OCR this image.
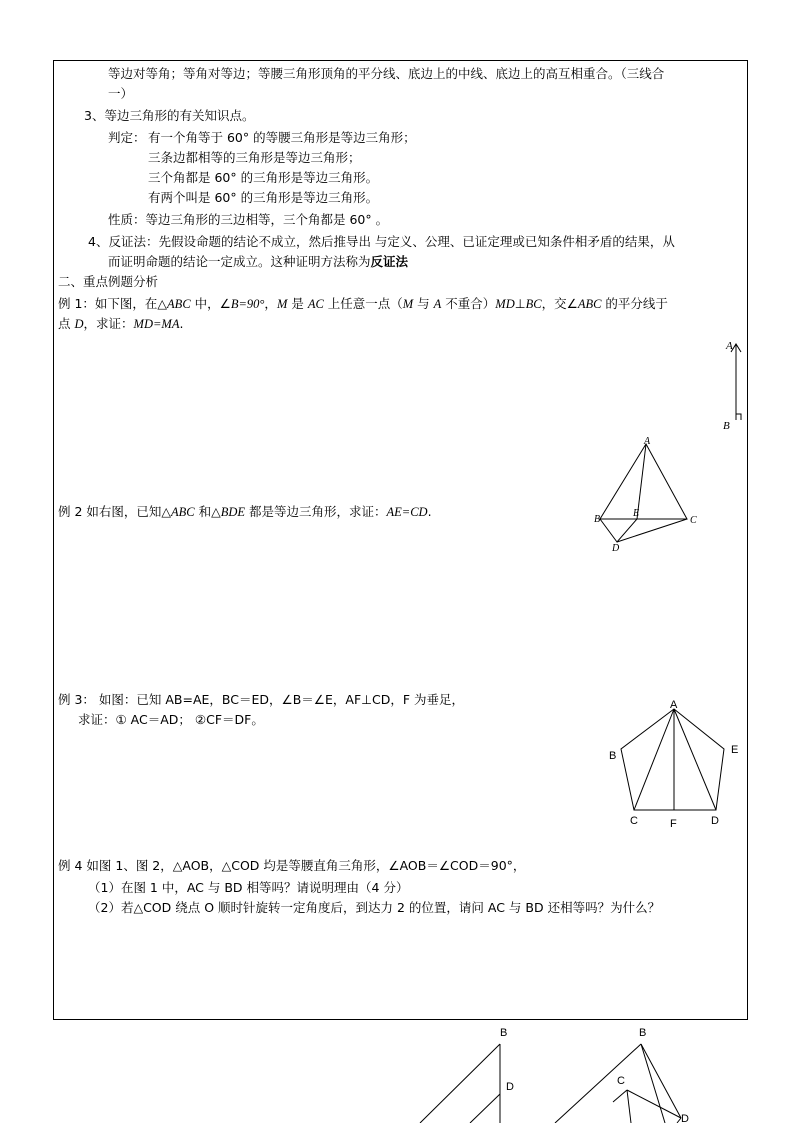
等边对等角；等角对等边；等腰三角形顶角的平分线、底边上的中线、底边上的高互相重合。（三线合
一）
3、等边三角形的有关知识点。
判定： 有一个角等于 60° 的等腰三角形是等边三角形；
三条边都相等的三角形是等边三角形；
三个角都是 60° 的三角形是等边三角形。
有两个叫是 60° 的三角形是等边三角形。
性质：等边三角形的三边相等，三个角都是 60° 。
4、反证法：先假设命题的结论不成立，然后推导出 与定义、公理、已证定理或已知条件相矛盾的结果，从
而证明命题的结论一定成立。这种证明方法称为反证法
二、重点例题分析
例 1：如下图，在△ABC 中，∠B=90°，M 是 AC 上任意一点（M 与 A 不重合）MD⊥BC，交∠ABC 的平分线于
点 D，求证：MD=MA.
A
B
A
B	C
D
E
例 2 如右图，已知△ABC 和△BDE 都是等边三角形，求证：AE=CD.
例 3： 如图：已知 AB=AE，BC＝ED，∠B＝∠E，AF⊥CD，F 为垂足，
求证：① AC＝AD； ②CF＝DF。
A
B
C	D
E
F
例 4 如图 1、图 2，△AOB，△COD 均是等腰直角三角形，∠AOB＝∠COD＝90°，
（1）在图 1 中，AC 与 BD 相等吗？请说明理由（4 分）
（2）若△COD 绕点 O 顺时针旋转一定角度后，到达力 2 的位置，请问 AC 与 BD 还相等吗？为什么？
B
D
B
C
D
